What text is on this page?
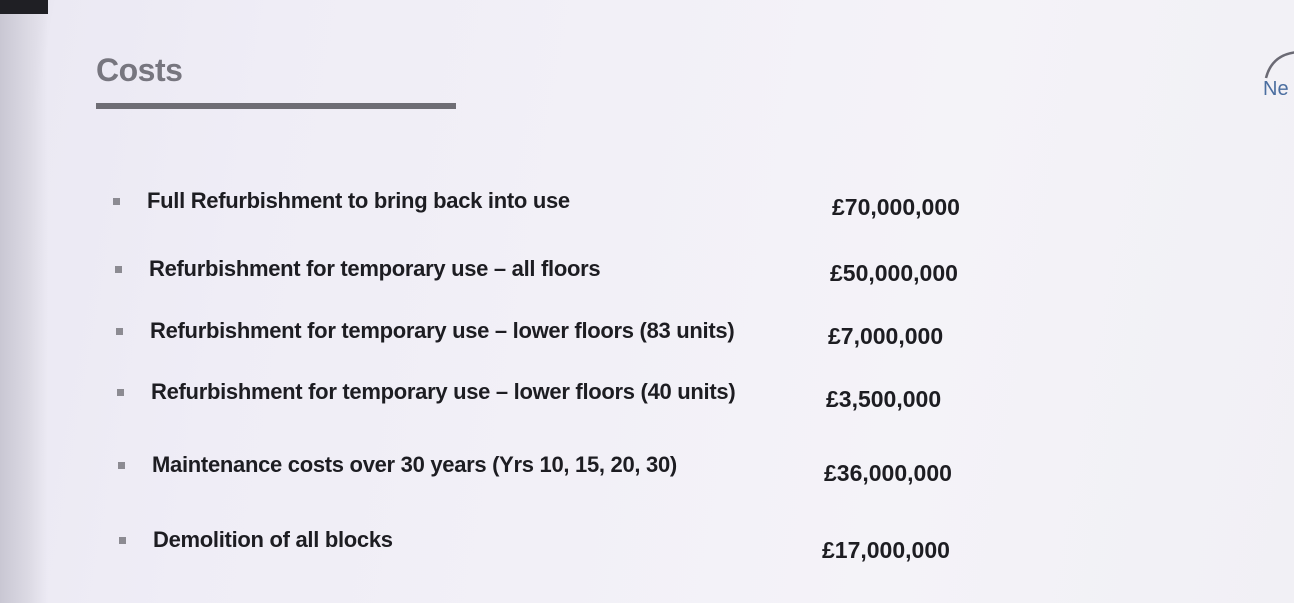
Costs
Ne
Full Refurbishment to bring back into use	£70,000,000
Refurbishment for temporary use – all floors	£50,000,000
Refurbishment for temporary use – lower floors (83 units)	£7,000,000
Refurbishment for temporary use – lower floors (40 units)	£3,500,000
Maintenance costs over 30 years (Yrs 10, 15, 20, 30)	£36,000,000
Demolition of all blocks	£17,000,000
